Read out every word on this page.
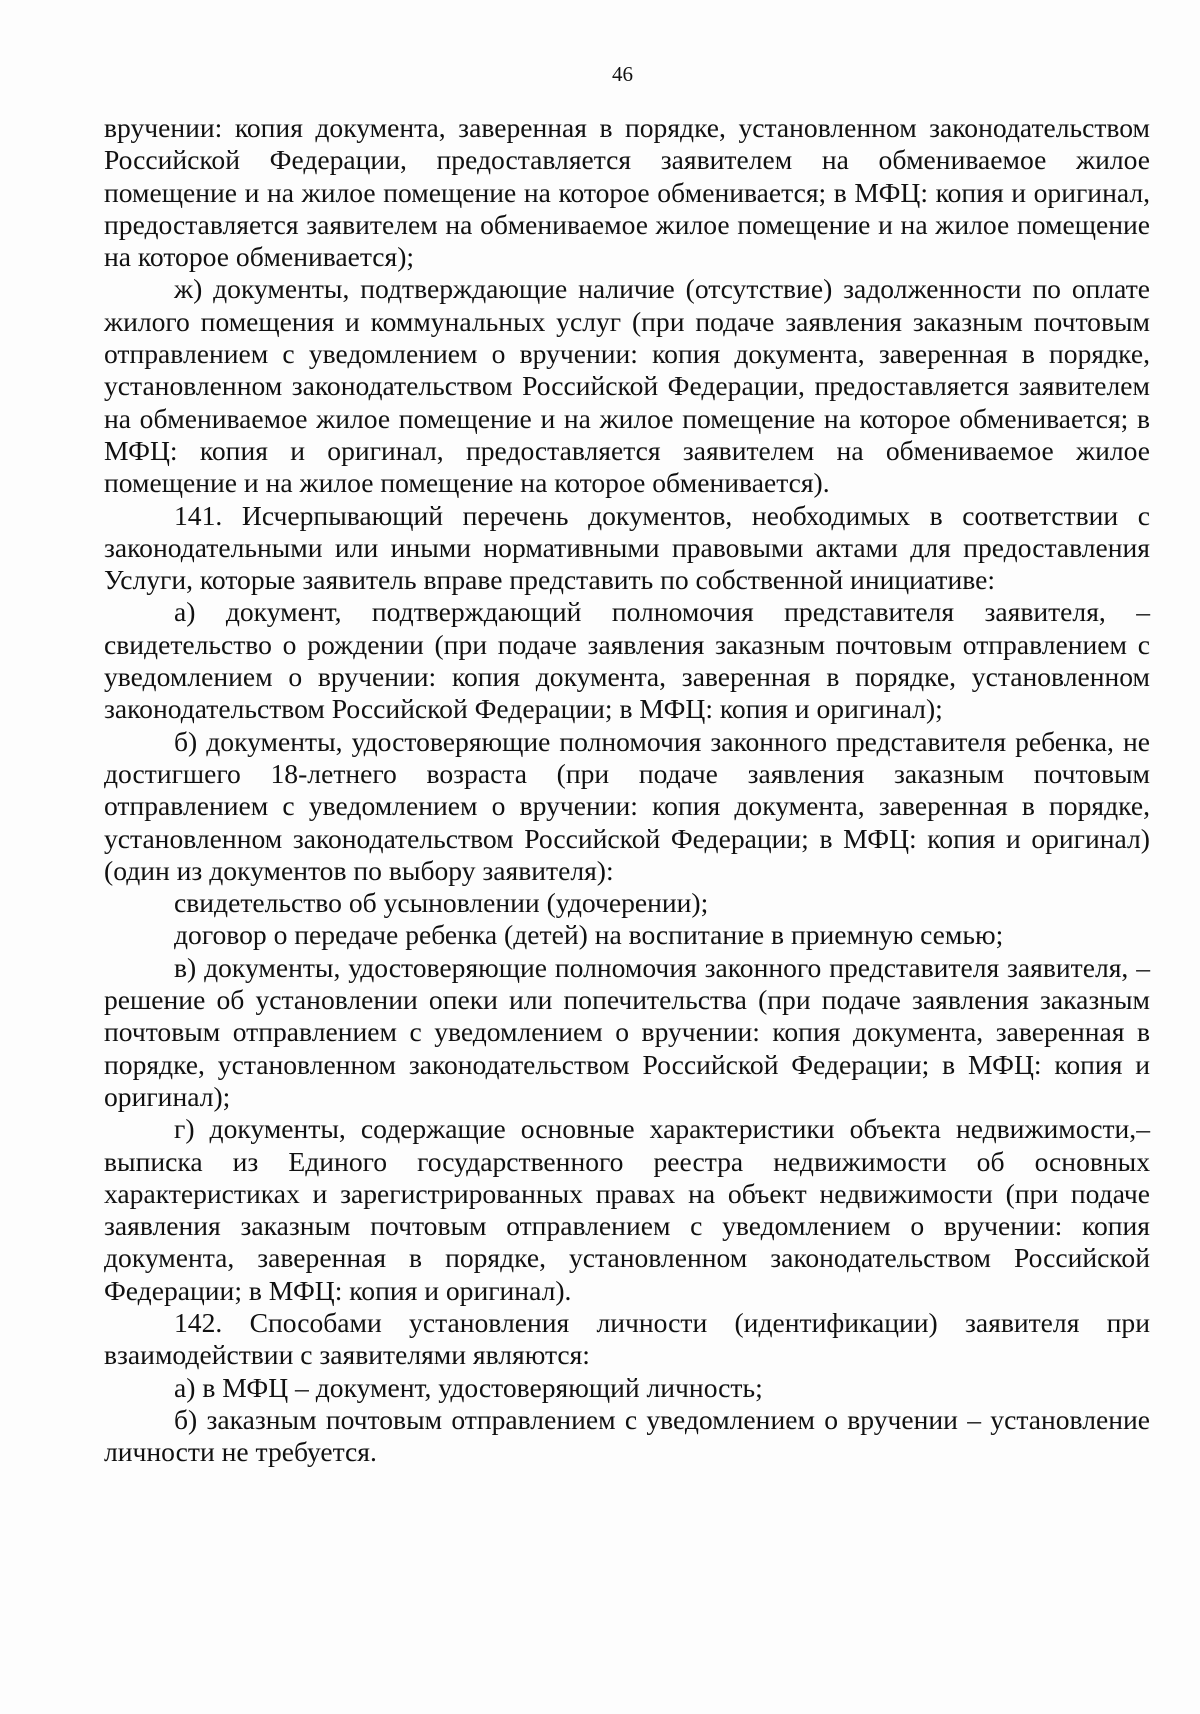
46

вручении: копия документа, заверенная в порядке, установленном законодательством Российской Федерации, предоставляется заявителем на обмениваемое жилое помещение и на жилое помещение на которое обменивается; в МФЦ: копия и оригинал, предоставляется заявителем на обмениваемое жилое помещение и на жилое помещение на которое обменивается);

ж) документы, подтверждающие наличие (отсутствие) задолженности по оплате жилого помещения и коммунальных услуг (при подаче заявления заказным почтовым отправлением с уведомлением о вручении: копия документа, заверенная в порядке, установленном законодательством Российской Федерации, предоставляется заявителем на обмениваемое жилое помещение и на жилое помещение на которое обменивается; в МФЦ: копия и оригинал, предоставляется заявителем на обмениваемое жилое помещение и на жилое помещение на которое обменивается).

141. Исчерпывающий перечень документов, необходимых в соответствии с законодательными или иными нормативными правовыми актами для предоставления Услуги, которые заявитель вправе представить по собственной инициативе:

а) документ, подтверждающий полномочия представителя заявителя, – свидетельство о рождении (при подаче заявления заказным почтовым отправлением с уведомлением о вручении: копия документа, заверенная в порядке, установленном законодательством Российской Федерации; в МФЦ: копия и оригинал);

б) документы, удостоверяющие полномочия законного представителя ребенка, не достигшего 18-летнего возраста (при подаче заявления заказным почтовым отправлением с уведомлением о вручении: копия документа, заверенная в порядке, установленном законодательством Российской Федерации; в МФЦ: копия и оригинал) (один из документов по выбору заявителя):

свидетельство об усыновлении (удочерении);

договор о передаче ребенка (детей) на воспитание в приемную семью;

в) документы, удостоверяющие полномочия законного представителя заявителя, – решение об установлении опеки или попечительства (при подаче заявления заказным почтовым отправлением с уведомлением о вручении: копия документа, заверенная в порядке, установленном законодательством Российской Федерации; в МФЦ: копия и оригинал);

г) документы, содержащие основные характеристики объекта недвижимости,– выписка из Единого государственного реестра недвижимости об основных характеристиках и зарегистрированных правах на объект недвижимости (при подаче заявления заказным почтовым отправлением с уведомлением о вручении: копия документа, заверенная в порядке, установленном законодательством Российской Федерации; в МФЦ: копия и оригинал).

142. Способами установления личности (идентификации) заявителя при взаимодействии с заявителями являются:

а) в МФЦ – документ, удостоверяющий личность;

б) заказным почтовым отправлением с уведомлением о вручении – установление личности не требуется.
